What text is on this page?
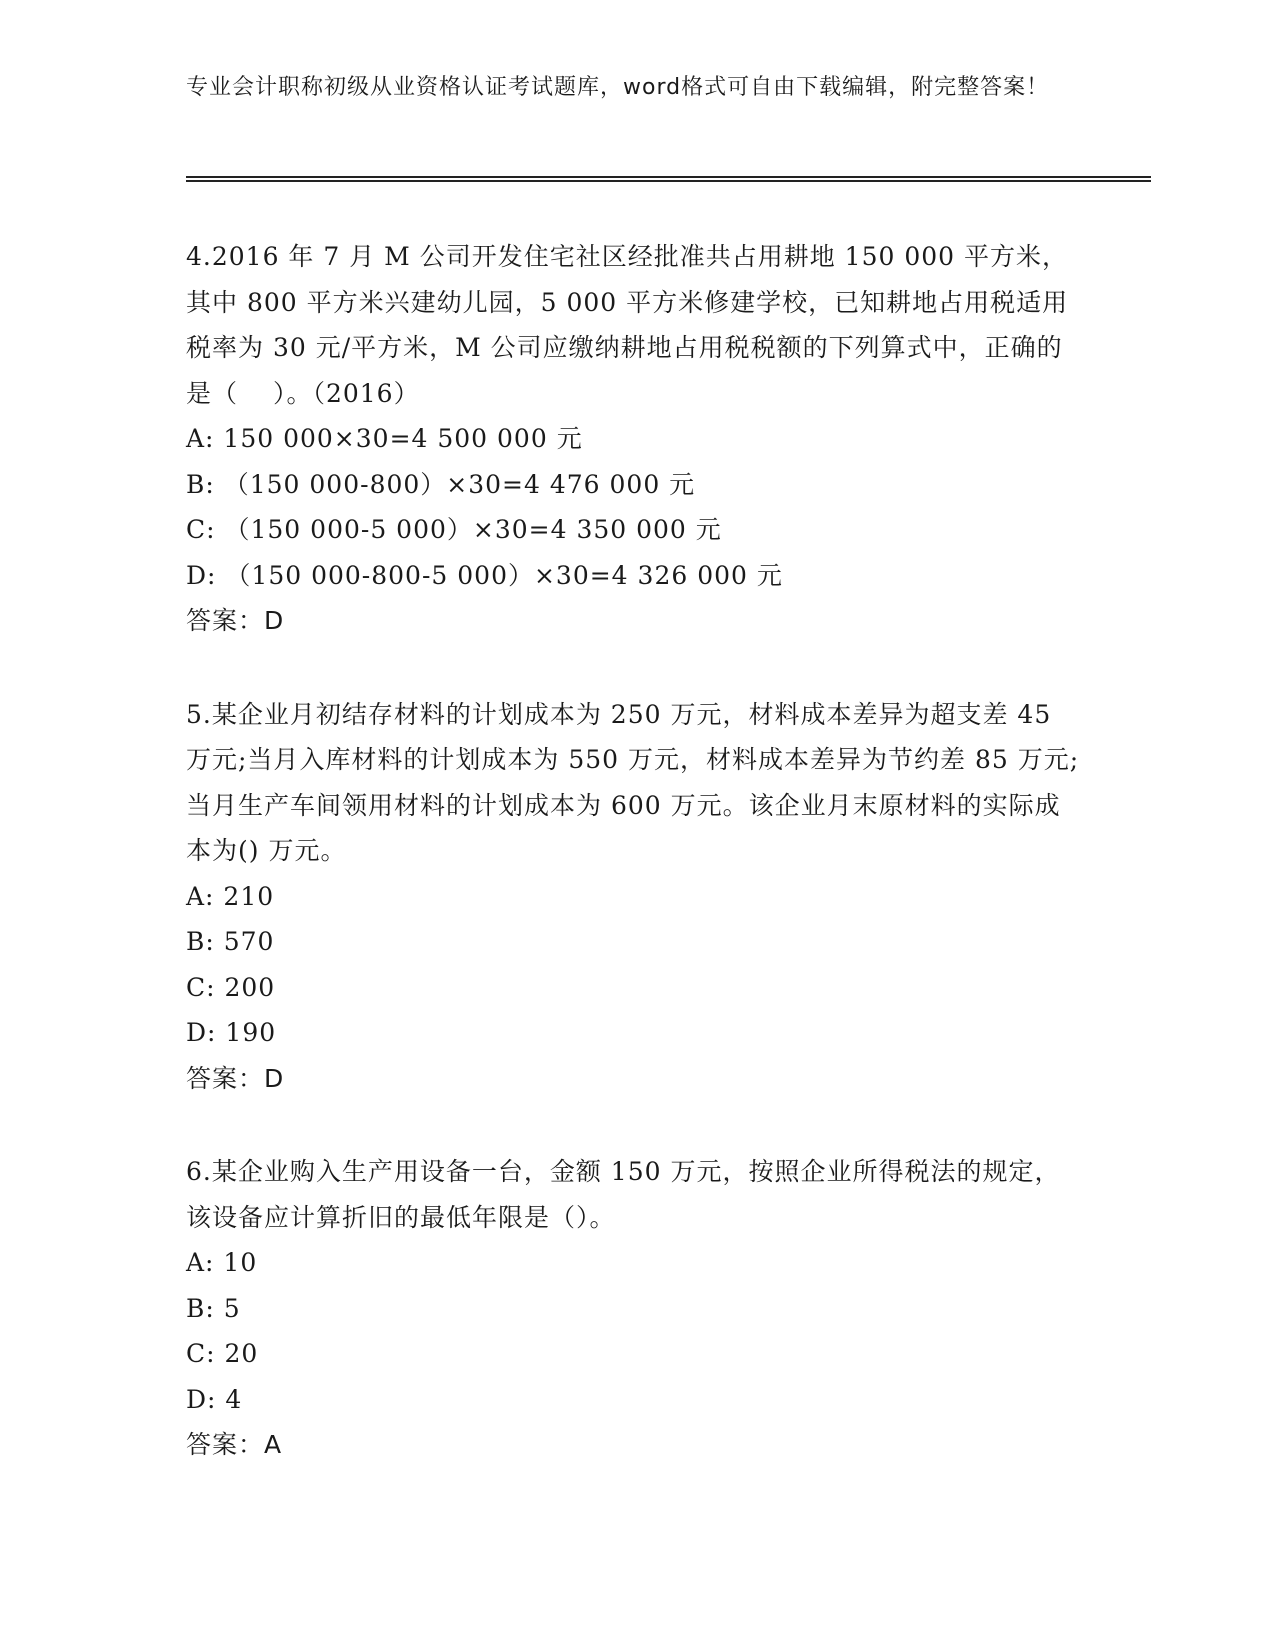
专业会计职称初级从业资格认证考试题库，word格式可自由下载编辑，附完整答案！

4.2016 年 7 月 M 公司开发住宅社区经批准共占用耕地 150 000 平方米，其中 800 平方米兴建幼儿园，5 000 平方米修建学校，已知耕地占用税适用税率为 30 元/平方米，M 公司应缴纳耕地占用税税额的下列算式中，正确的是（　 ）。（2016）

A: 150 000×30=4 500 000 元

B: （150 000-800）×30=4 476 000 元

C: （150 000-5 000）×30=4 350 000 元

D: （150 000-800-5 000）×30=4 326 000 元

答案：D

5.某企业月初结存材料的计划成本为 250 万元，材料成本差异为超支差 45 万元;当月入库材料的计划成本为 550 万元，材料成本差异为节约差 85 万元;当月生产车间领用材料的计划成本为 600 万元。该企业月末原材料的实际成本为() 万元。

A: 210

B: 570

C: 200

D: 190

答案：D

6.某企业购入生产用设备一台，金额 150 万元，按照企业所得税法的规定，该设备应计算折旧的最低年限是（）。

A: 10

B: 5

C: 20

D: 4

答案：A
